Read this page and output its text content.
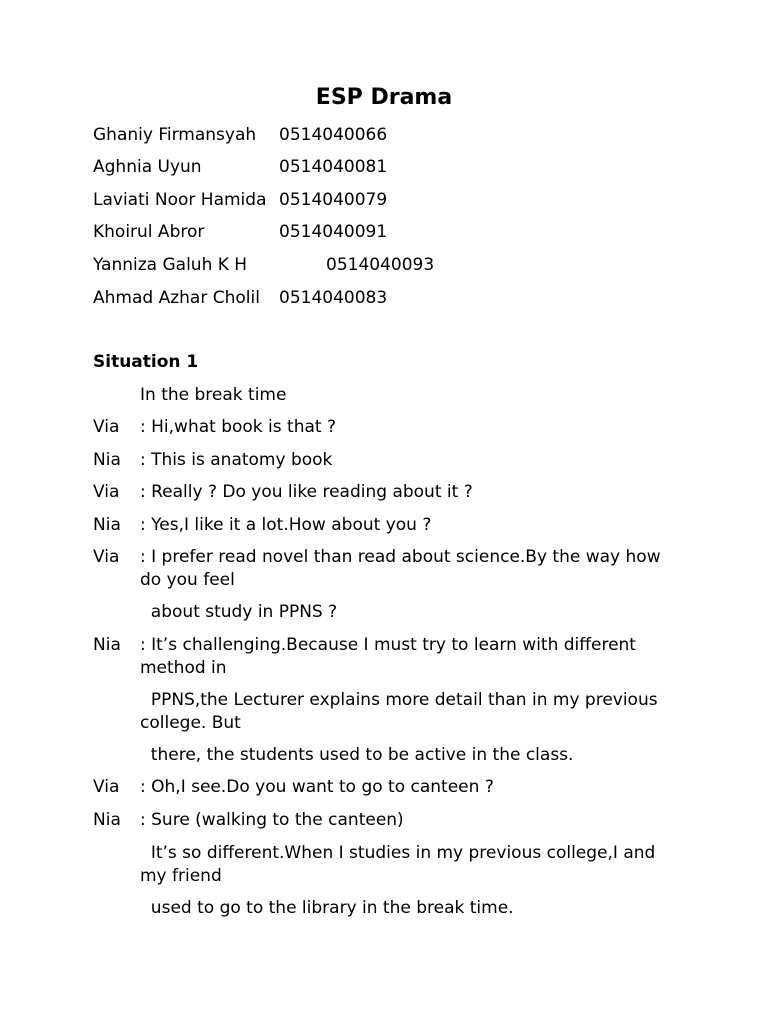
ESP Drama
Ghaniy Firmansyah 0514040066
Aghnia Uyun	0514040081
Laviati Noor Hamida 0514040079
Khoirul Abror	0514040091
Yanniza Galuh K H	0514040093
Ahmad Azhar Cholil 0514040083
Situation 1
In the break time
Via : Hi,what book is that ?
Nia : This is anatomy book
Via : Really ? Do you like reading about it ?
Nia : Yes,I like it a lot.How about you ?
Via : I prefer read novel than read about science.By the way how do you feel
about study in PPNS ?
Nia : It’s challenging.Because I must try to learn with different method in
PPNS,the Lecturer explains more detail than in my previous college. But
there, the students used to be active in the class.
Via : Oh,I see.Do you want to go to canteen ?
Nia : Sure (walking to the canteen)
It’s so different.When I studies in my previous college,I and my friend
used to go to the library in the break time.
